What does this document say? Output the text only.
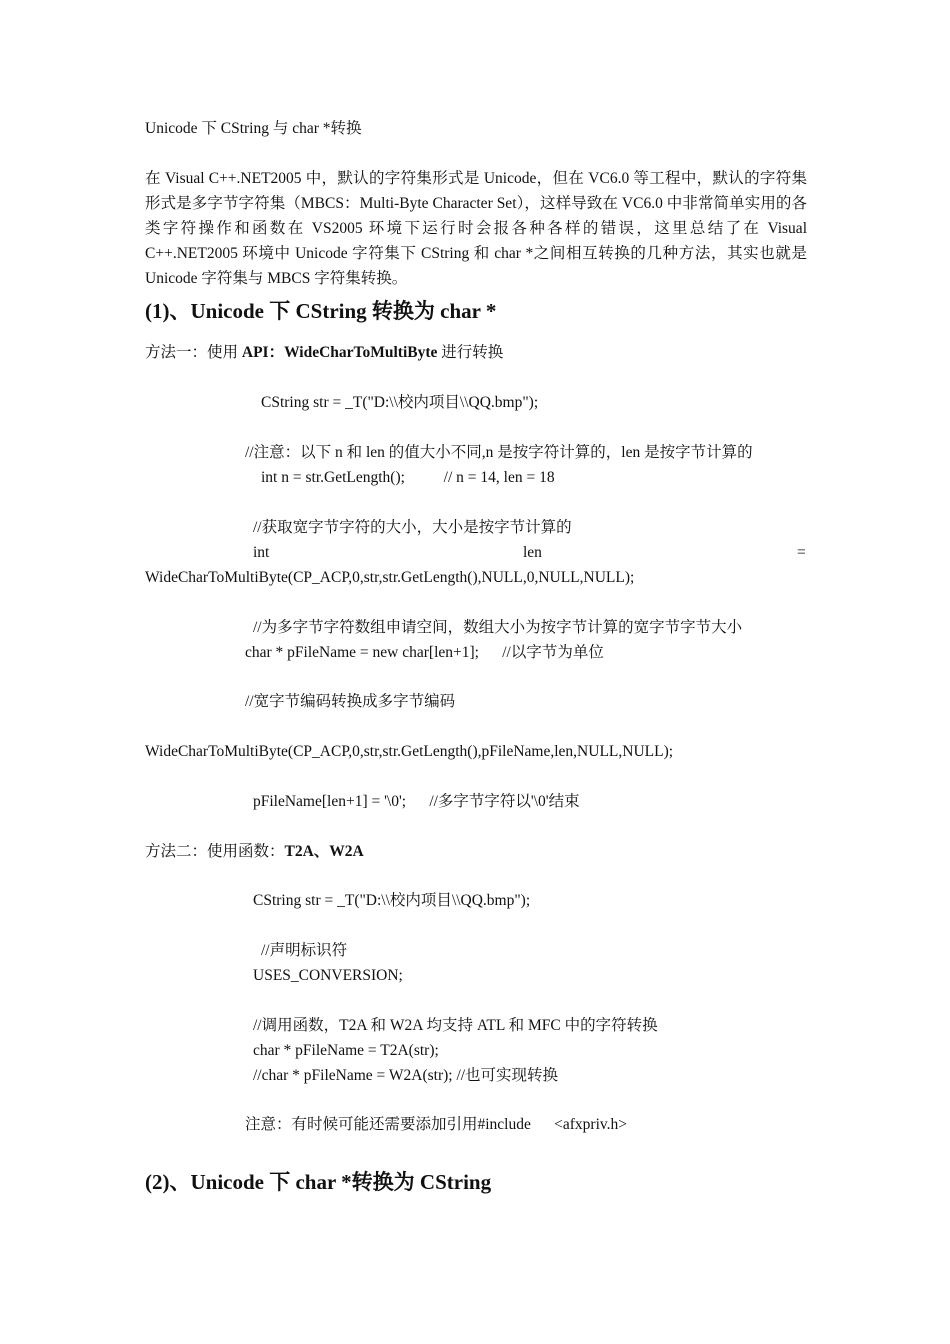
Unicode 下 CString 与 char *转换
在 Visual C++.NET2005 中，默认的字符集形式是 Unicode，但在 VC6.0 等工程中，默认的字符集形式是多字节字符集（MBCS：Multi-Byte Character Set），这样导致在 VC6.0 中非常简单实用的各类字符操作和函数在 VS2005 环境下运行时会报各种各样的错误，这里总结了在 Visual C++.NET2005 环境中 Unicode 字符集下 CString 和 char *之间相互转换的几种方法，其实也就是 Unicode 字符集与 MBCS 字符集转换。
(1)、Unicode 下 CString 转换为 char *
方法一：使用 API：WideCharToMultiByte 进行转换
CString str = _T("D:\\校内项目\\QQ.bmp");
//注意：以下 n 和 len 的值大小不同,n 是按字符计算的，len 是按字节计算的
int n = str.GetLength();          // n = 14, len = 18
//获取宽字节字符的大小，大小是按字节计算的
int	len	=
WideCharToMultiByte(CP_ACP,0,str,str.GetLength(),NULL,0,NULL,NULL);
//为多字节字符数组申请空间，数组大小为按字节计算的宽字节字节大小
char * pFileName = new char[len+1];      //以字节为单位
//宽字节编码转换成多字节编码
WideCharToMultiByte(CP_ACP,0,str,str.GetLength(),pFileName,len,NULL,NULL);
pFileName[len+1] = '\0';      //多字节字符以'\0'结束
方法二：使用函数：T2A、W2A
CString str = _T("D:\\校内项目\\QQ.bmp");
//声明标识符
USES_CONVERSION;
//调用函数，T2A 和 W2A 均支持 ATL 和 MFC 中的字符转换
char * pFileName = T2A(str);
//char * pFileName = W2A(str); //也可实现转换
注意：有时候可能还需要添加引用#include      <afxpriv.h>
(2)、Unicode 下 char *转换为 CString
